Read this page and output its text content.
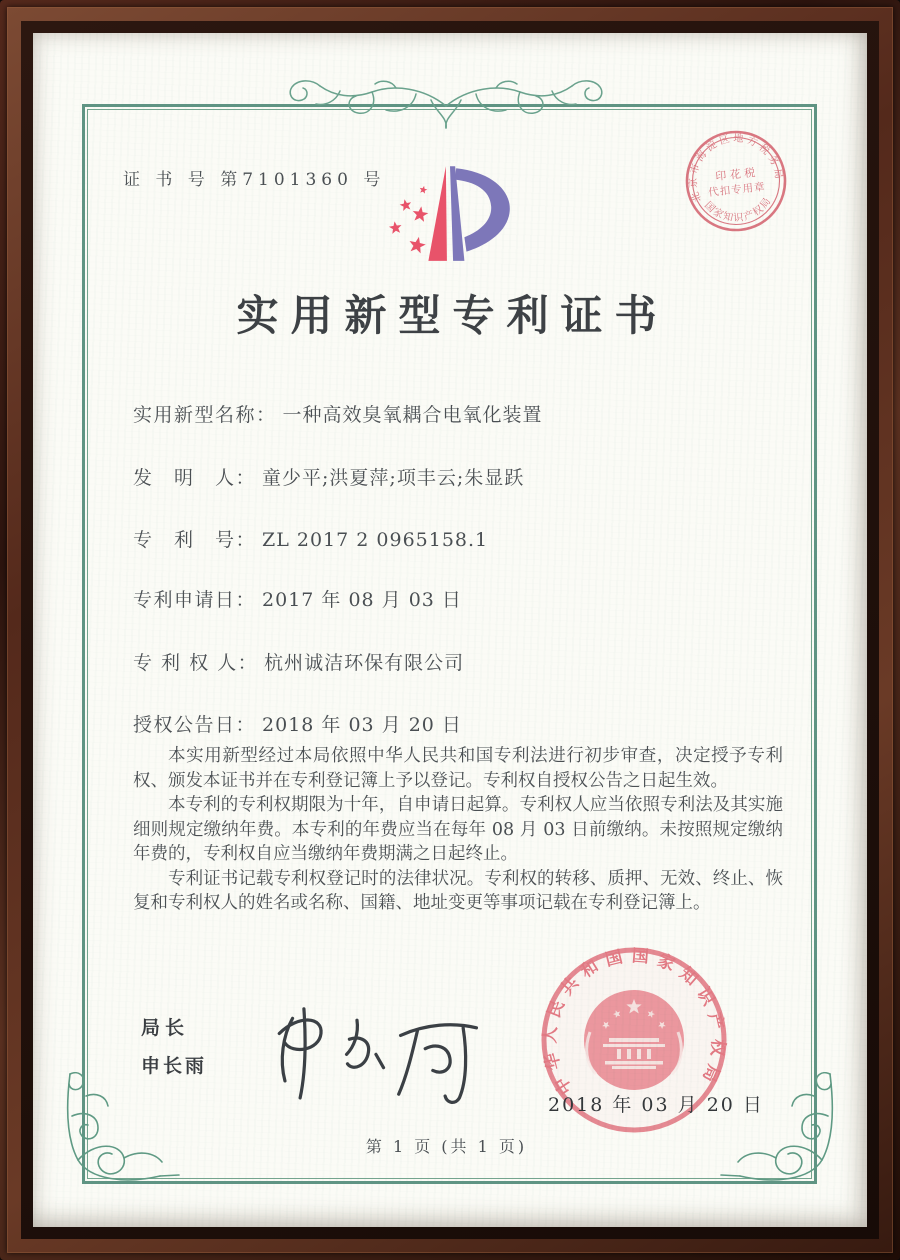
证 书 号 第7101360 号
北京市海淀区地方税务局
国家知识产权局
印 花 税
代扣专用章
实用新型专利证书
实用新型名称： 一种高效臭氧耦合电氧化装置
发　明　人： 童少平;洪夏萍;项丰云;朱显跃
专　利　号： ZL 2017 2 0965158.1
专利申请日： 2017 年 08 月 03 日
专 利 权 人： 杭州诚洁环保有限公司
授权公告日： 2018 年 03 月 20 日

本实用新型经过本局依照中华人民共和国专利法进行初步审查，决定授予专利权、颁发本证书并在专利登记簿上予以登记。专利权自授权公告之日起生效。

本专利的专利权期限为十年，自申请日起算。专利权人应当依照专利法及其实施细则规定缴纳年费。本专利的年费应当在每年 08 月 03 日前缴纳。未按照规定缴纳年费的，专利权自应当缴纳年费期满之日起终止。

专利证书记载专利权登记时的法律状况。专利权的转移、质押、无效、终止、恢复和专利权人的姓名或名称、国籍、地址变更等事项记载在专利登记簿上。

局长
申长雨
中华人民共和国国家知识产权局
2018 年 03 月 20 日
第 1 页 (共 1 页)
